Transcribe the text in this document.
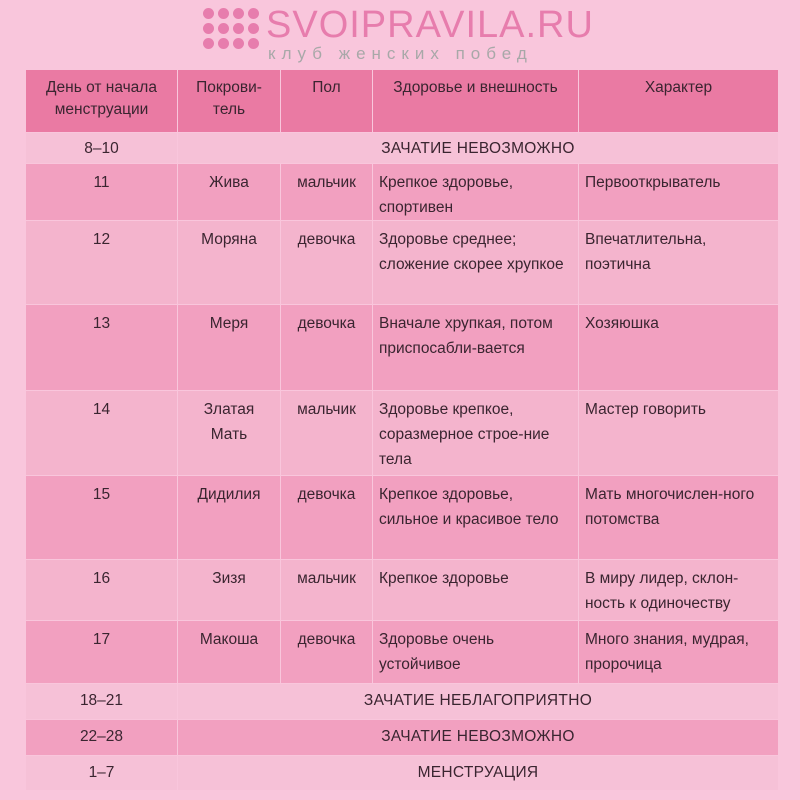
SVOIPRAVILA.RU
клуб женских побед
День от начала менструации	Покрови-тель	Пол	Здоровье и внешность	Характер
8–10	ЗАЧАТИЕ НЕВОЗМОЖНО			
11	Жива	мальчик	Крепкое здоровье, спортивен	Первооткрыватель
12	Моряна	девочка	Здоровье среднее; сложение скорее хрупкое	Впечатлительна, поэтична
13	Меря	девочка	Вначале хрупкая, потом приспосабли-вается	Хозяюшка
14	Златая Мать	мальчик	Здоровье крепкое, соразмерное строе-ние тела	Мастер говорить
15	Дидилия	девочка	Крепкое здоровье, сильное и красивое тело	Мать многочислен-ного потомства
16	Зизя	мальчик	Крепкое здоровье	В миру лидер, склон-ность к одиночеству
17	Макоша	девочка	Здоровье очень устойчивое	Много знания, мудрая, пророчица
18–21	ЗАЧАТИЕ НЕБЛАГОПРИЯТНО			
22–28	ЗАЧАТИЕ НЕВОЗМОЖНО			
1–7	МЕНСТРУАЦИЯ			
